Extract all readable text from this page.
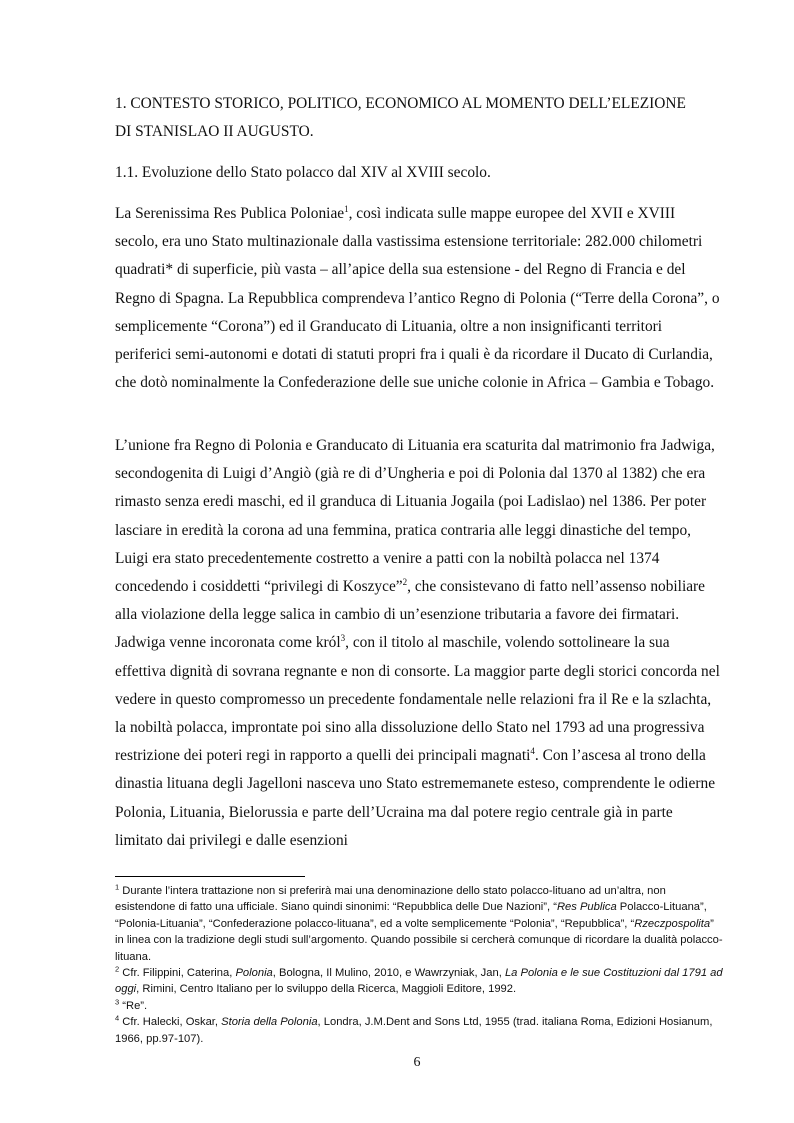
1. CONTESTO STORICO, POLITICO, ECONOMICO AL MOMENTO DELL’ELEZIONE
DI STANISLAO II AUGUSTO.

1.1. Evoluzione dello Stato polacco dal XIV al XVIII secolo.

La Serenissima Res Publica Poloniae$^1$, così indicata sulle mappe europee del XVII e XVIII secolo, era uno Stato multinazionale dalla vastissima estensione territoriale: 282.000 chilometri quadrati* di superficie, più vasta – all’apice della sua estensione - del Regno di Francia e del Regno di Spagna. La Repubblica comprendeva l’antico Regno di Polonia (“Terre della Corona”, o semplicemente “Corona”) ed il Granducato di Lituania, oltre a non insignificanti territori periferici semi-autonomi e dotati di statuti propri fra i quali è da ricordare il Ducato di Curlandia, che dotò nominalmente la Confederazione delle sue uniche colonie in Africa – Gambia e Tobago.

L’unione fra Regno di Polonia e Granducato di Lituania era scaturita dal matrimonio fra Jadwiga, secondogenita di Luigi d’Angiò (già re di d’Ungheria e poi di Polonia dal 1370 al 1382) che era rimasto senza eredi maschi, ed il granduca di Lituania Jogaila (poi Ladislao) nel 1386. Per poter lasciare in eredità la corona ad una femmina, pratica contraria alle leggi dinastiche del tempo, Luigi era stato precedentemente costretto a venire a patti con la nobiltà polacca nel 1374 concedendo i cosiddetti “privilegi di Koszyce”$^2$, che consistevano di fatto nell’assenso nobiliare alla violazione della legge salica in cambio di un’esenzione tributaria a favore dei firmatari. Jadwiga venne incoronata come król$^3$, con il titolo al maschile, volendo sottolineare la sua effettiva dignità di sovrana regnante e non di consorte. La maggior parte degli storici concorda nel vedere in questo compromesso un precedente fondamentale nelle relazioni fra il Re e la szlachta, la nobiltà polacca, improntate poi sino alla dissoluzione dello Stato nel 1793 ad una progressiva restrizione dei poteri regi in rapporto a quelli dei principali magnati$^4$. Con l’ascesa al trono della dinastia lituana degli Jagelloni nasceva uno Stato estrememanete esteso, comprendente le odierne Polonia, Lituania, Bielorussia e parte dell’Ucraina ma dal potere regio centrale già in parte limitato dai privilegi e dalle esenzioni

$^1$ Durante l’intera trattazione non si preferirà mai una denominazione dello stato polacco-lituano ad un’altra, non esistendone di fatto una ufficiale. Siano quindi sinonimi: “Repubblica delle Due Nazioni”, “Res Publica Polacco-Lituana”, “Polonia-Lituania”, “Confederazione polacco-lituana”, ed a volte semplicemente “Polonia”, “Repubblica”, “Rzeczpospolita” in linea con la tradizione degli studi sull’argomento. Quando possibile si cercherà comunque di ricordare la dualità polacco-lituana.

$^2$ Cfr. Filippini, Caterina, Polonia, Bologna, Il Mulino, 2010, e Wawrzyniak, Jan, La Polonia e le sue Costituzioni dal 1791 ad oggi, Rimini, Centro Italiano per lo sviluppo della Ricerca, Maggioli Editore, 1992.

$^3$ “Re”.

$^4$ Cfr. Halecki, Oskar, Storia della Polonia, Londra, J.M.Dent and Sons Ltd, 1955 (trad. italiana Roma, Edizioni Hosianum, 1966, pp.97-107).

6
